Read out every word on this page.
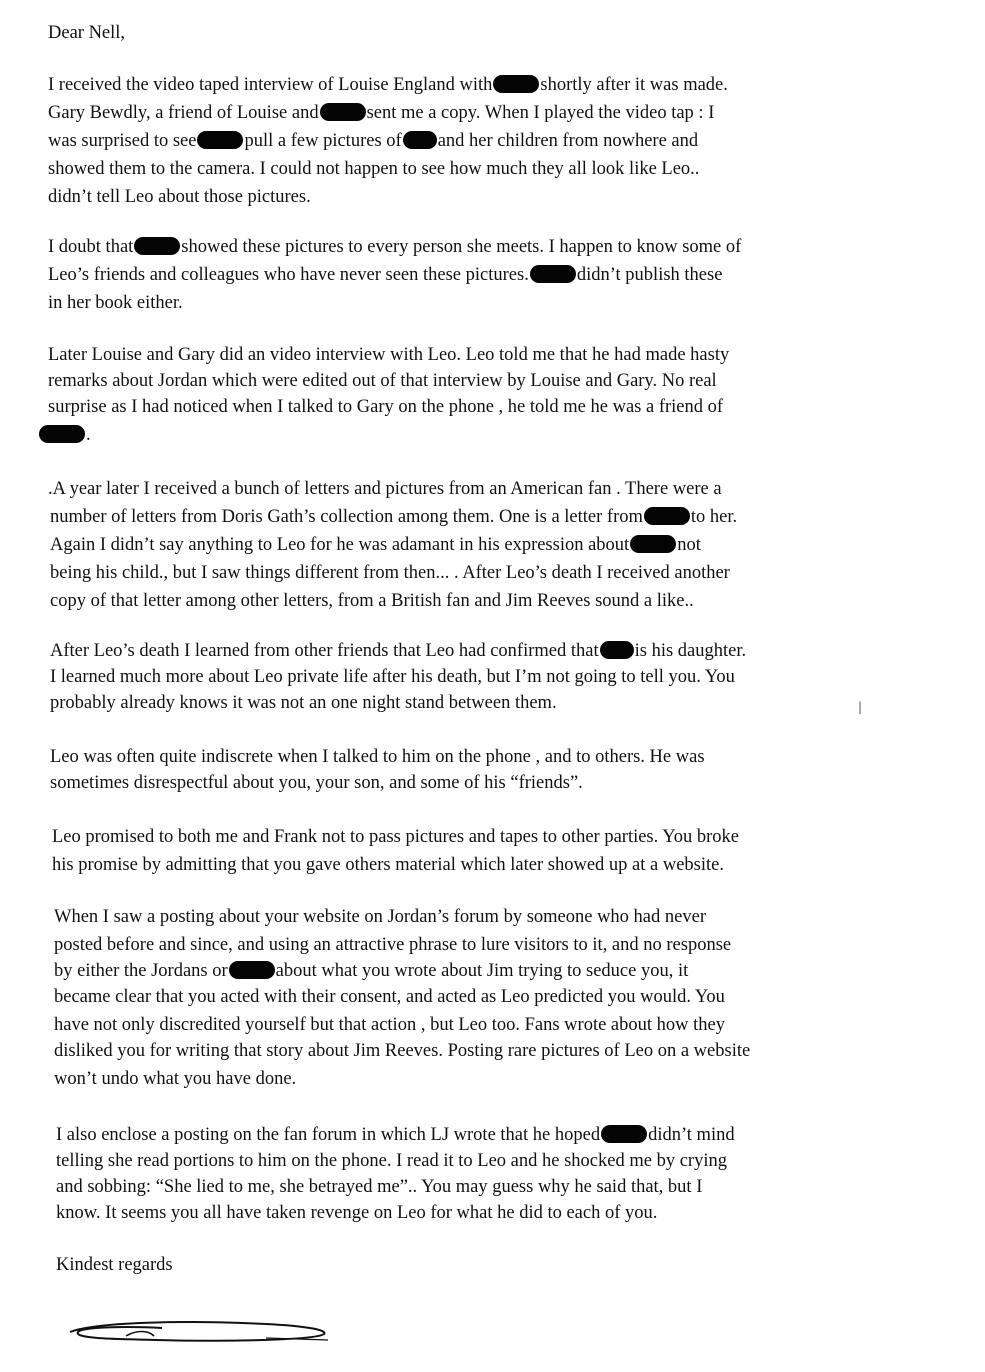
Dear Nell,
I received the video taped interview of Louise England with	shortly after it was made.
Gary Bewdly, a friend of Louise and	sent me a copy. When I played the video tap : I
was surprised to see	pull a few pictures of and her children from nowhere and
showed them to the camera. I could not happen to see how much they all look like Leo..
didn’t tell Leo about those pictures.
I doubt that	showed these pictures to every person she meets. I happen to know some of
Leo’s friends and colleagues who have never seen these pictures.	didn’t publish these
in her book either.
Later Louise and Gary did an video interview with Leo. Leo told me that he had made hasty
remarks about Jordan which were edited out of that interview by Louise and Gary. No real
surprise as I had noticed when I talked to Gary on the phone , he told me he was a friend of
.
.A year later I received a bunch of letters and pictures from an American fan . There were a
number of letters from Doris Gath’s collection among them. One is a letter from	to her.
Again I didn’t say anything to Leo for he was adamant in his expression about	not
being his child., but I saw things different from then... . After Leo’s death I received another
copy of that letter among other letters, from a British fan and Jim Reeves sound a like..
After Leo’s death I learned from other friends that Leo had confirmed that is his daughter.
I learned much more about Leo private life after his death, but I’m not going to tell you. You
probably already knows it was not an one night stand between them.
Leo was often quite indiscrete when I talked to him on the phone , and to others. He was
sometimes disrespectful about you, your son, and some of his “friends”.
Leo promised to both me and Frank not to pass pictures and tapes to other parties. You broke
his promise by admitting that you gave others material which later showed up at a website.
When I saw a posting about your website on Jordan’s forum by someone who had never
posted before and since, and using an attractive phrase to lure visitors to it, and no response
by either the Jordans or	about what you wrote about Jim trying to seduce you, it
became clear that you acted with their consent, and acted as Leo predicted you would. You
have not only discredited yourself but that action , but Leo too. Fans wrote about how they
disliked you for writing that story about Jim Reeves. Posting rare pictures of Leo on a website
won’t undo what you have done.
I also enclose a posting on the fan forum in which LJ wrote that he hoped	didn’t mind
telling she read portions to him on the phone. I read it to Leo and he shocked me by crying
and sobbing: “She lied to me, she betrayed me”.. You may guess why he said that, but I
know. It seems you all have taken revenge on Leo for what he did to each of you.
Kindest regards
|
